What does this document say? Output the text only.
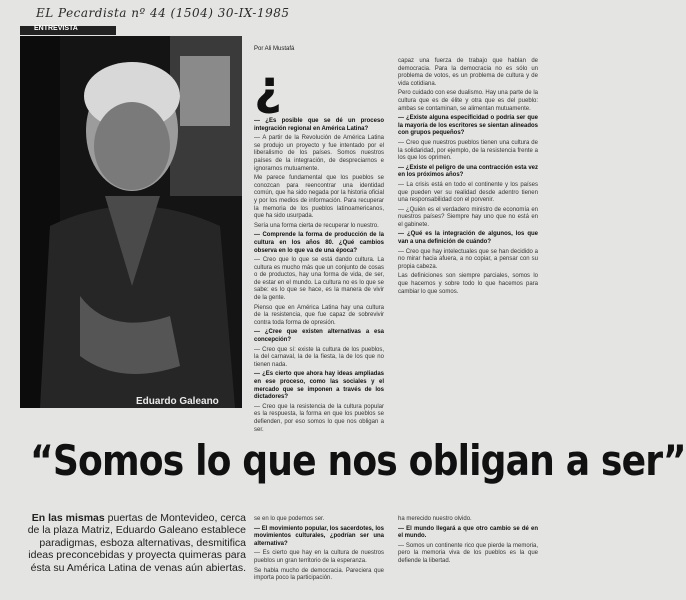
EL Pecardista nº 44 (1504) 30-IX-1985
ENTREVISTA
Eduardo Galeano
Por Ali Mustafá
¿

— ¿Es posible que se dé un proceso integración regional en América Latina?

— A partir de la Revolución de América Latina se produjo un proyecto y fue intentado por el liberalismo de los países. Somos nuestros países de la integración, de despreciarnos e ignorarnos mutuamente.

Me parece fundamental que los pueblos se conozcan para reencontrar una identidad común, que ha sido negada por la historia oficial y por los medios de información. Para recuperar la memoria de los pueblos latinoamericanos, que ha sido usurpada.

Sería una forma cierta de recuperar lo nuestro.

— Comprende la forma de producción de la cultura en los años 80. ¿Qué cambios observa en lo que va de una época?

— Creo que lo que se está dando cultura. La cultura es mucho más que un conjunto de cosas o de productos, hay una forma de vida, de ser, de estar en el mundo. La cultura no es lo que se sabe: es lo que se hace, es la manera de vivir de la gente.

Pienso que en América Latina hay una cultura de la resistencia, que fue capaz de sobrevivir contra toda forma de opresión.

— ¿Cree que existen alternativas a esa concepción?

— Creo que sí: existe la cultura de los pueblos, la del carnaval, la de la fiesta, la de los que no tienen nada.

— ¿Es cierto que ahora hay ideas ampliadas en ese proceso, como las sociales y el mercado que se imponen a través de los dictadores?

— Creo que la resistencia de la cultura popular es la respuesta, la forma en que los pueblos se defienden, por eso somos lo que nos obligan a ser.

capaz una fuerza de trabajo que hablan de democracia. Para la democracia no es sólo un problema de votos, es un problema de cultura y de vida cotidiana.

Pero cuidado con ese dualismo. Hay una parte de la cultura que es de élite y otra que es del pueblo: ambas se contaminan, se alimentan mutuamente.

— ¿Existe alguna especificidad o podría ser que la mayoría de los escritores se sientan alineados con grupos pequeños?

— Creo que nuestros pueblos tienen una cultura de la solidaridad, por ejemplo, de la resistencia frente a los que los oprimen.

— ¿Existe el peligro de una contracción esta vez en los próximos años?

— La crisis está en todo el continente y los países que pueden ver su realidad desde adentro tienen una responsabilidad con el porvenir.

— ¿Quién es el verdadero ministro de economía en nuestros países? Siempre hay uno que no está en el gabinete.

— ¿Qué es la integración de algunos, los que van a una definición de cuándo?

— Creo que hay intelectuales que se han decidido a no mirar hacia afuera, a no copiar, a pensar con su propia cabeza.

Las definiciones son siempre parciales, somos lo que hacemos y sobre todo lo que hacemos para cambiar lo que somos.

se en lo que podemos ser.

— El movimiento popular, los sacerdotes, los movimientos culturales, ¿podrían ser una alternativa?

— Es cierto que hay en la cultura de nuestros pueblos un gran territorio de la esperanza.

Se habla mucho de democracia. Pareciera que importa poco la participación.

ha merecido nuestro olvido.

— El mundo llegará a que otro cambio se dé en el mundo.

— Somos un continente rico que pierde la memoria, pero la memoria viva de los pueblos es la que defiende la libertad.

“Somos lo que nos obligan a ser”
En las mismas puertas de Montevideo, cerca de la plaza Matriz, Eduardo Galeano establece paradigmas, esboza alternativas, desmitifica ideas preconcebidas y proyecta quimeras para ésta su América Latina de venas aún abiertas.
